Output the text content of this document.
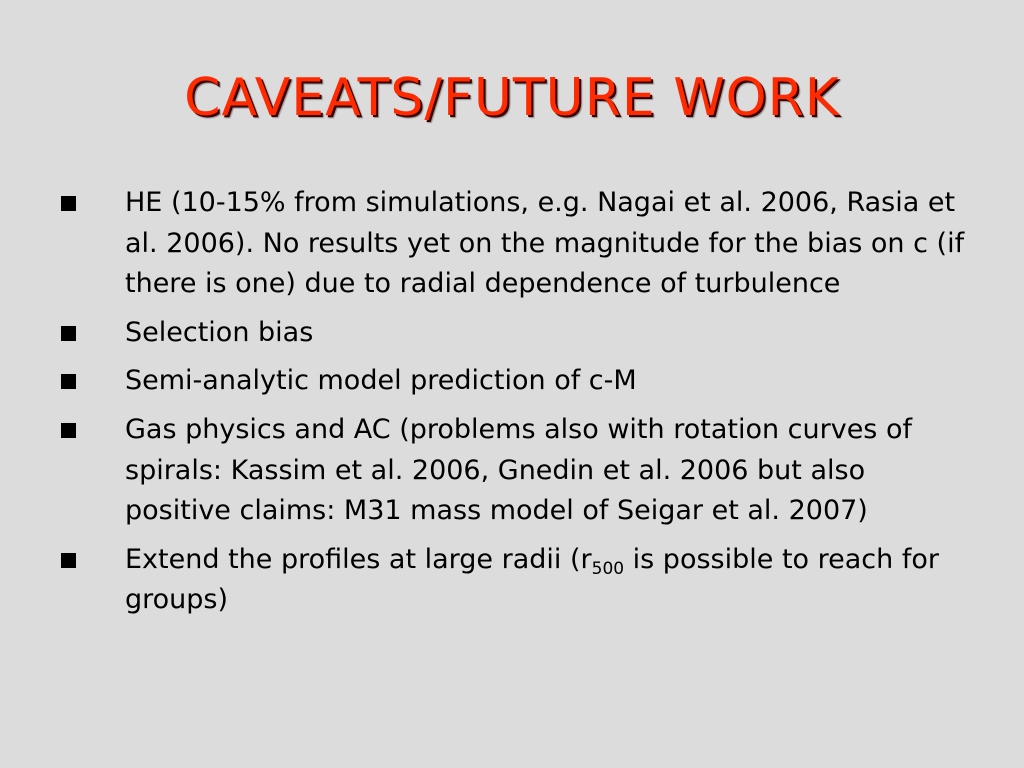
CAVEATS/FUTURE WORK
HE (10-15% from simulations, e.g. Nagai et al. 2006, Rasia et al. 2006). No results yet on the magnitude for the bias on c (if there is one) due to radial dependence of turbulence
Selection bias
Semi-analytic model prediction of c-M
Gas physics and AC (problems also with rotation curves of spirals: Kassim et al. 2006, Gnedin et al. 2006 but also positive claims: M31 mass model of Seigar et al. 2007)
Extend the profiles at large radii ($r_{500}$ is possible to reach for groups)
